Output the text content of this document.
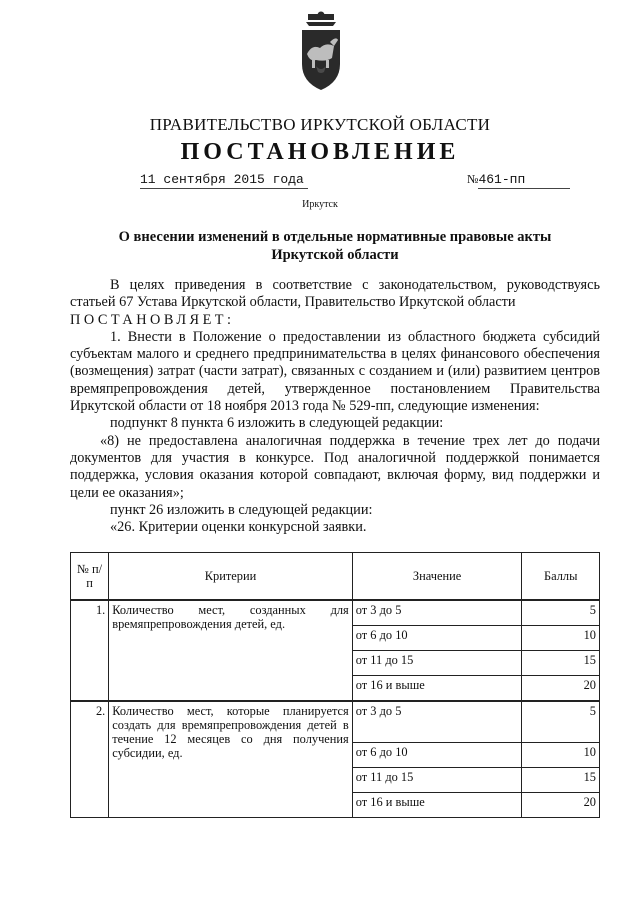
ПРАВИТЕЛЬСТВО ИРКУТСКОЙ ОБЛАСТИ
ПОСТАНОВЛЕНИЕ
11 сентября 2015 года	№461-пп
Иркутск
О внесении изменений в отдельные нормативные правовые акты
Иркутской области

В целях приведения в соответствие с законодательством, руководствуясь статьей 67 Устава Иркутской области, Правительство Иркутской области

ПОСТАНОВЛЯЕТ:

1. Внести в Положение о предоставлении из областного бюджета субсидий субъектам малого и среднего предпринимательства в целях финансового обеспечения (возмещения) затрат (части затрат), связанных с созданием и (или) развитием центров времяпрепровождения детей, утвержденное постановлением Правительства Иркутской области от 18 ноября 2013 года № 529-пп, следующие изменения:

подпункт 8 пункта 6 изложить в следующей редакции:

«8) не предоставлена аналогичная поддержка в течение трех лет до подачи документов для участия в конкурсе. Под аналогичной поддержкой понимается поддержка, условия оказания которой совпадают, включая форму, вид поддержки и цели ее оказания»;

пункт 26 изложить в следующей редакции:

«26. Критерии оценки конкурсной заявки.

№ п/п	Критерии	Значение	Баллы
1.	Количество мест, созданных для времяпрепровождения детей, ед.	от 3 до 5	5
		от 6 до 10	10
		от 11 до 15	15
		от 16 и выше	20
2.	Количество мест, которые планируется создать для времяпрепровождения детей в течение 12 месяцев со дня получения субсидии, ед.	от 3 до 5	5
		от 6 до 10	10
		от 11 до 15	15
		от 16 и выше	20
